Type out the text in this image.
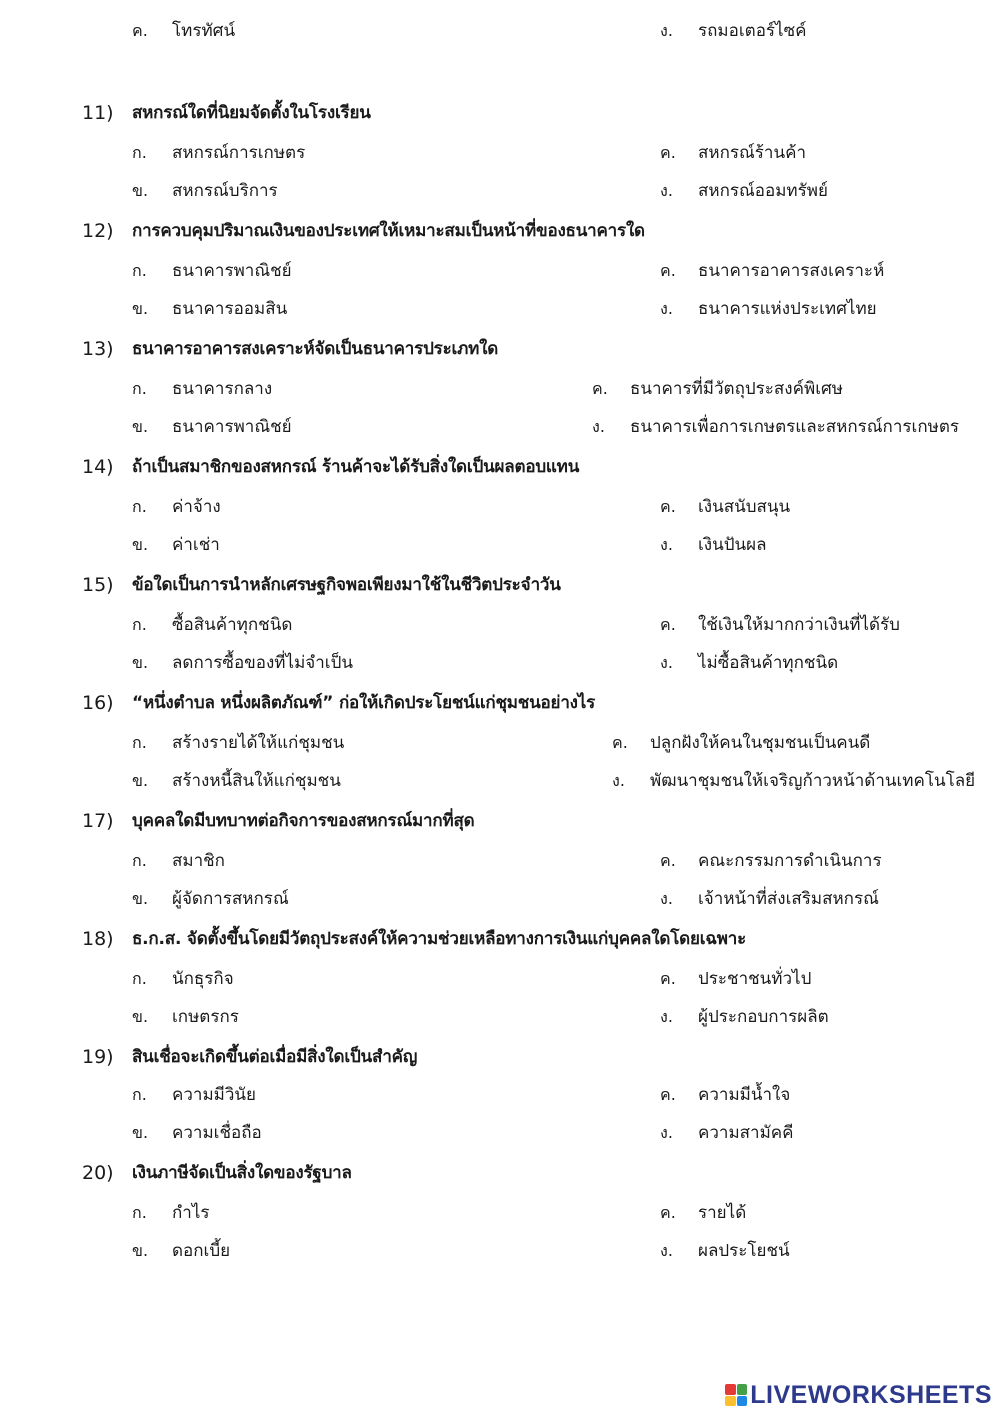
ค. โทรทัศน์	ง. รถมอเตอร์ไซค์
11) สหกรณ์ใดที่นิยมจัดตั้งในโรงเรียน
ก. สหกรณ์การเกษตร	ค. สหกรณ์ร้านค้า
ข. สหกรณ์บริการ	ง. สหกรณ์ออมทรัพย์
12) การควบคุมปริมาณเงินของประเทศให้เหมาะสมเป็นหน้าที่ของธนาคารใด
ก. ธนาคารพาณิชย์	ค. ธนาคารอาคารสงเคราะห์
ข. ธนาคารออมสิน	ง. ธนาคารแห่งประเทศไทย
13) ธนาคารอาคารสงเคราะห์จัดเป็นธนาคารประเภทใด
ก. ธนาคารกลาง	ค. ธนาคารที่มีวัตถุประสงค์พิเศษ
ข. ธนาคารพาณิชย์	ง. ธนาคารเพื่อการเกษตรและสหกรณ์การเกษตร
14) ถ้าเป็นสมาชิกของสหกรณ์ ร้านค้าจะได้รับสิ่งใดเป็นผลตอบแทน
ก. ค่าจ้าง	ค. เงินสนับสนุน
ข. ค่าเช่า	ง. เงินปันผล
15) ข้อใดเป็นการนำหลักเศรษฐกิจพอเพียงมาใช้ในชีวิตประจำวัน
ก. ซื้อสินค้าทุกชนิด	ค. ใช้เงินให้มากกว่าเงินที่ได้รับ
ข. ลดการซื้อของที่ไม่จำเป็น	ง. ไม่ซื้อสินค้าทุกชนิด
16) “หนึ่งตำบล หนึ่งผลิตภัณฑ์” ก่อให้เกิดประโยชน์แก่ชุมชนอย่างไร
ก. สร้างรายได้ให้แก่ชุมชน	ค. ปลูกฝังให้คนในชุมชนเป็นคนดี
ข. สร้างหนี้สินให้แก่ชุมชน	ง. พัฒนาชุมชนให้เจริญก้าวหน้าด้านเทคโนโลยี
17) บุคคลใดมีบทบาทต่อกิจการของสหกรณ์มากที่สุด
ก. สมาชิก	ค. คณะกรรมการดำเนินการ
ข. ผู้จัดการสหกรณ์	ง. เจ้าหน้าที่ส่งเสริมสหกรณ์
18) ธ.ก.ส. จัดตั้งขึ้นโดยมีวัตถุประสงค์ให้ความช่วยเหลือทางการเงินแก่บุคคลใดโดยเฉพาะ
ก. นักธุรกิจ	ค. ประชาชนทั่วไป
ข. เกษตรกร	ง. ผู้ประกอบการผลิต
19) สินเชื่อจะเกิดขึ้นต่อเมื่อมีสิ่งใดเป็นสำคัญ
ก. ความมีวินัย	ค. ความมีน้ำใจ
ข. ความเชื่อถือ	ง. ความสามัคคี
20) เงินภาษีจัดเป็นสิ่งใดของรัฐบาล
ก. กำไร	ค. รายได้
ข. ดอกเบี้ย	ง. ผลประโยชน์
LIVEWORKSHEETS
